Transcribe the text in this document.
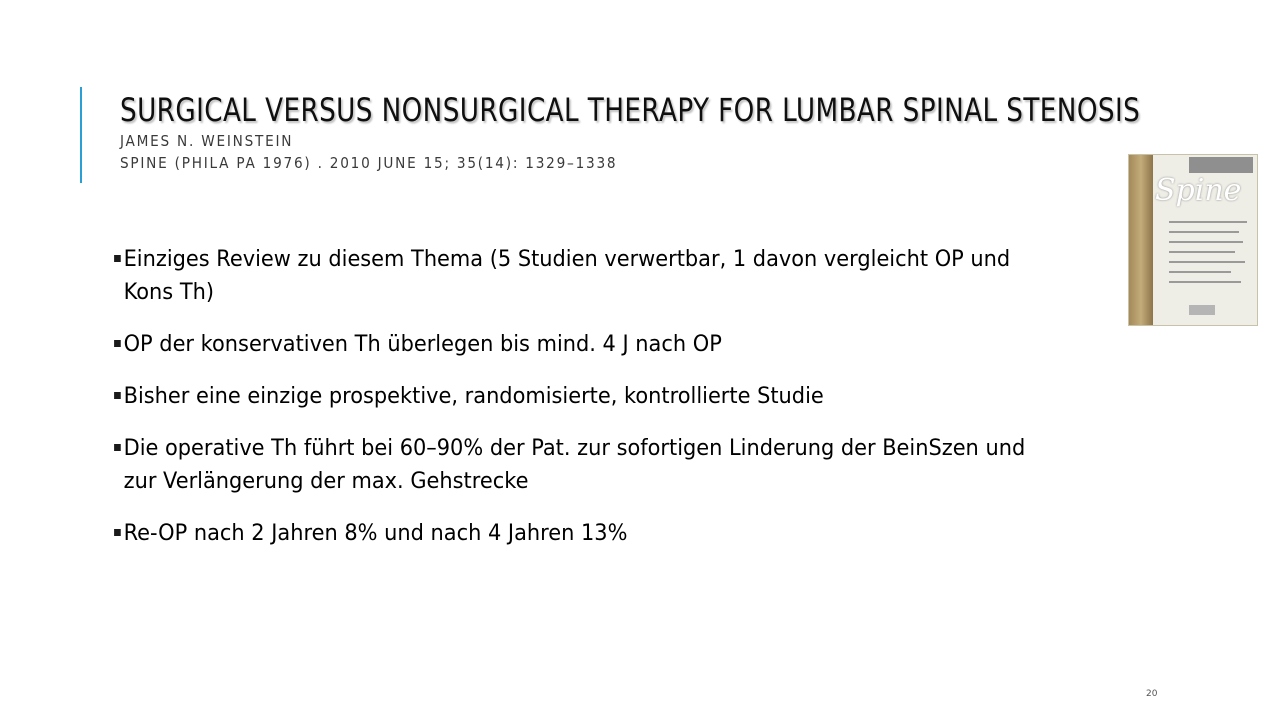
SURGICAL VERSUS NONSURGICAL THERAPY FOR LUMBAR SPINAL STENOSIS
JAMES N. WEINSTEIN
SPINE (PHILA PA 1976) . 2010 JUNE 15; 35(14): 1329–1338
Spine
Einziges Review zu diesem Thema (5 Studien verwertbar, 1 davon vergleicht OP und Kons Th)
OP der konservativen Th überlegen bis mind. 4 J nach OP
Bisher eine einzige prospektive, randomisierte, kontrollierte Studie
Die operative Th führt bei 60–90% der Pat. zur sofortigen Linderung der BeinSzen und zur Verlängerung der max. Gehstrecke
Re-OP nach 2 Jahren 8% und nach 4 Jahren 13%
20
